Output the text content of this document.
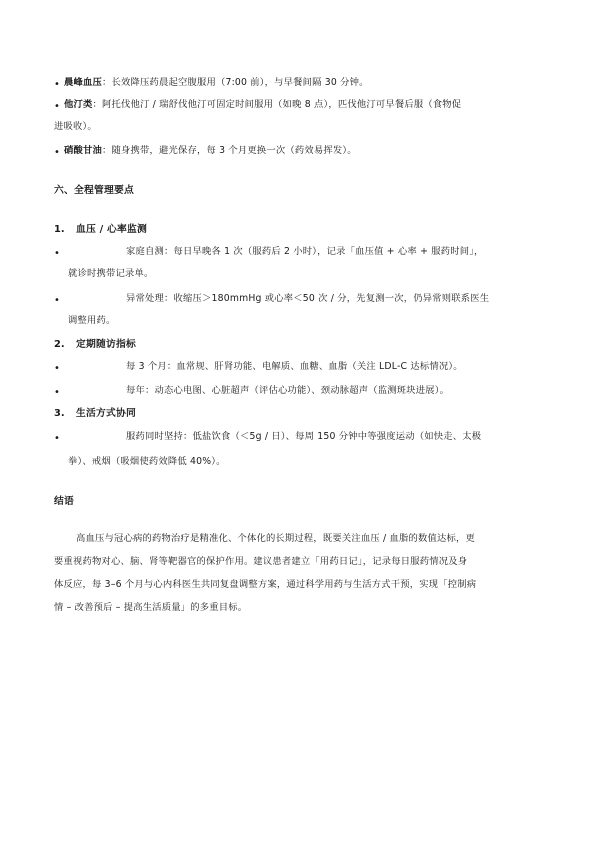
• 晨峰血压：长效降压药晨起空腹服用（7:00 前），与早餐间隔 30 分钟。
• 他汀类：阿托伐他汀 / 瑞舒伐他汀可固定时间服用（如晚 8 点），匹伐他汀可早餐后服（食物促
进吸收）。
• 硝酸甘油：随身携带，避光保存，每 3 个月更换一次（药效易挥发）。
六、全程管理要点
1. 血压 / 心率监测
•	家庭自测：每日早晚各 1 次（服药后 2 小时），记录「血压值 + 心率 + 服药时间」，
就诊时携带记录单。
•	异常处理：收缩压＞180mmHg 或心率＜50 次 / 分，先复测一次，仍异常则联系医生
调整用药。
2. 定期随访指标
•	每 3 个月：血常规、肝肾功能、电解质、血糖、血脂（关注 LDL-C 达标情况）。
•	每年：动态心电图、心脏超声（评估心功能）、颈动脉超声（监测斑块进展）。
3. 生活方式协同
•	服药同时坚持：低盐饮食（＜5g / 日）、每周 150 分钟中等强度运动（如快走、太极
拳）、戒烟（吸烟使药效降低 40%）。
结语
高血压与冠心病的药物治疗是精准化、个体化的长期过程，既要关注血压 / 血脂的数值达标，更
要重视药物对心、脑、肾等靶器官的保护作用。建议患者建立「用药日记」，记录每日服药情况及身
体反应，每 3–6 个月与心内科医生共同复盘调整方案，通过科学用药与生活方式干预，实现「控制病
情 – 改善预后 – 提高生活质量」的多重目标。
